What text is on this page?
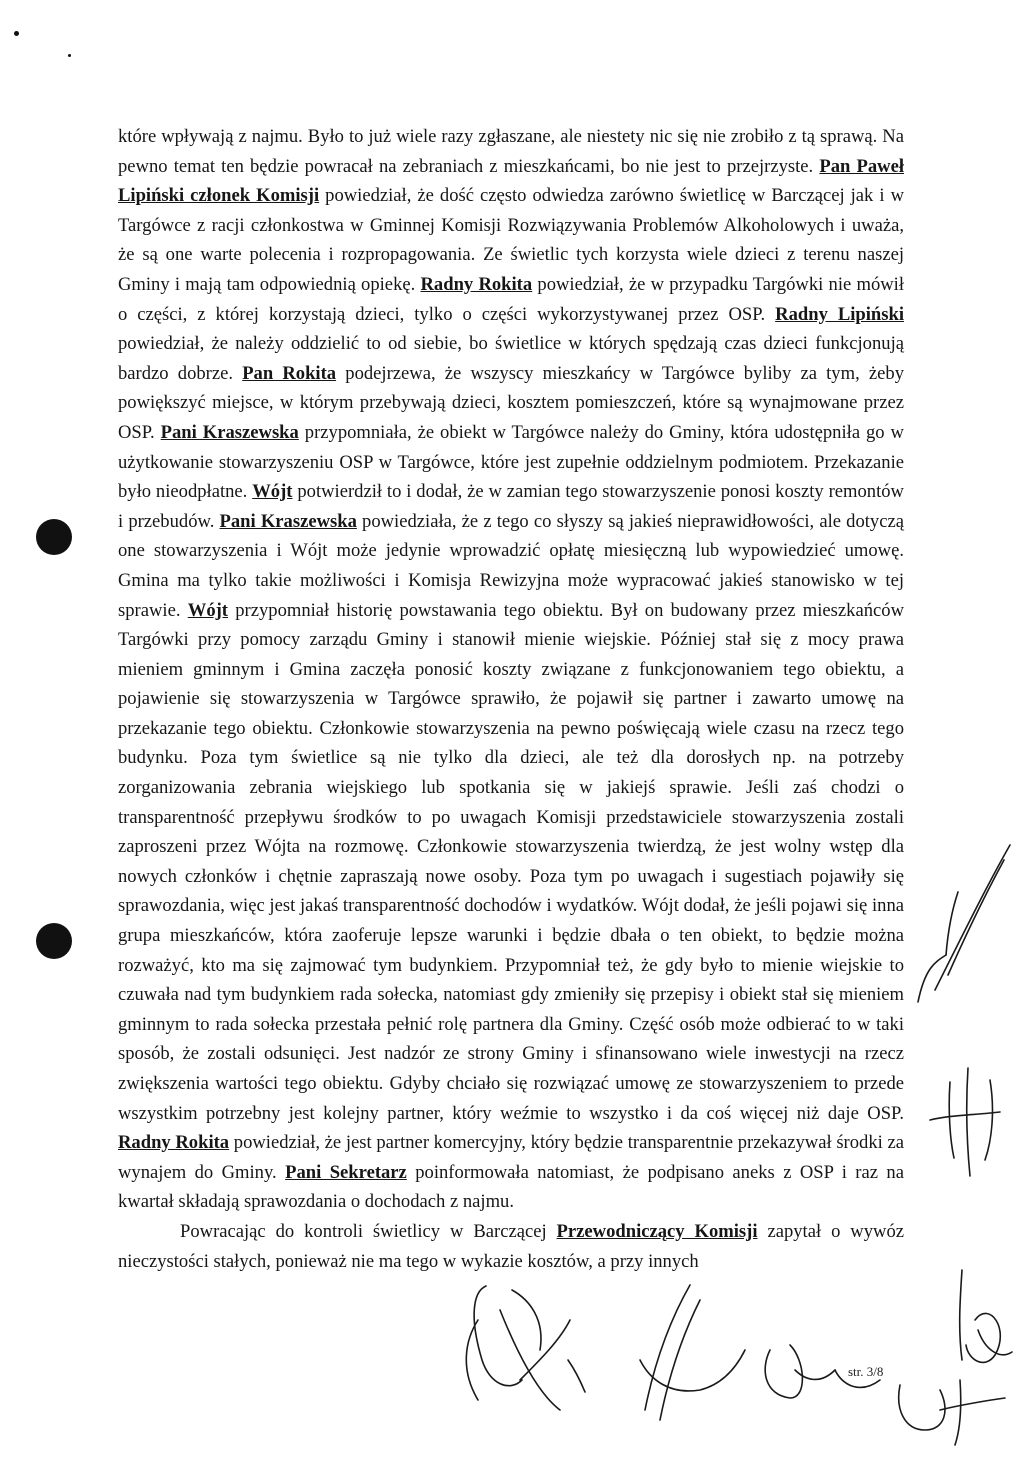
które wpływają z najmu. Było to już wiele razy zgłaszane, ale niestety nic się nie zrobiło z tą sprawą. Na pewno temat ten będzie powracał na zebraniach z mieszkańcami, bo nie jest to przejrzyste. Pan Paweł Lipiński członek Komisji powiedział, że dość często odwiedza zarówno świetlicę w Barczącej jak i w Targówce z racji członkostwa w Gminnej Komisji Rozwiązywania Problemów Alkoholowych i uważa, że są one warte polecenia i rozpropagowania. Ze świetlic tych korzysta wiele dzieci z terenu naszej Gminy i mają tam odpowiednią opiekę. Radny Rokita powiedział, że w przypadku Targówki nie mówił o części, z której korzystają dzieci, tylko o części wykorzystywanej przez OSP. Radny Lipiński powiedział, że należy oddzielić to od siebie, bo świetlice w których spędzają czas dzieci funkcjonują bardzo dobrze. Pan Rokita podejrzewa, że wszyscy mieszkańcy w Targówce byliby za tym, żeby powiększyć miejsce, w którym przebywają dzieci, kosztem pomieszczeń, które są wynajmowane przez OSP. Pani Kraszewska przypomniała, że obiekt w Targówce należy do Gminy, która udostępniła go w użytkowanie stowarzyszeniu OSP w Targówce, które jest zupełnie oddzielnym podmiotem. Przekazanie było nieodpłatne. Wójt potwierdził to i dodał, że w zamian tego stowarzyszenie ponosi koszty remontów i przebudów. Pani Kraszewska powiedziała, że z tego co słyszy są jakieś nieprawidłowości, ale dotyczą one stowarzyszenia i Wójt może jedynie wprowadzić opłatę miesięczną lub wypowiedzieć umowę. Gmina ma tylko takie możliwości i Komisja Rewizyjna może wypracować jakieś stanowisko w tej sprawie. Wójt przypomniał historię powstawania tego obiektu. Był on budowany przez mieszkańców Targówki przy pomocy zarządu Gminy i stanowił mienie wiejskie. Później stał się z mocy prawa mieniem gminnym i Gmina zaczęła ponosić koszty związane z funkcjonowaniem tego obiektu, a pojawienie się stowarzyszenia w Targówce sprawiło, że pojawił się partner i zawarto umowę na przekazanie tego obiektu. Członkowie stowarzyszenia na pewno poświęcają wiele czasu na rzecz tego budynku. Poza tym świetlice są nie tylko dla dzieci, ale też dla dorosłych np. na potrzeby zorganizowania zebrania wiejskiego lub spotkania się w jakiejś sprawie. Jeśli zaś chodzi o transparentność przepływu środków to po uwagach Komisji przedstawiciele stowarzyszenia zostali zaproszeni przez Wójta na rozmowę. Członkowie stowarzyszenia twierdzą, że jest wolny wstęp dla nowych członków i chętnie zapraszają nowe osoby. Poza tym po uwagach i sugestiach pojawiły się sprawozdania, więc jest jakaś transparentność dochodów i wydatków. Wójt dodał, że jeśli pojawi się inna grupa mieszkańców, która zaoferuje lepsze warunki i będzie dbała o ten obiekt, to będzie można rozważyć, kto ma się zajmować tym budynkiem. Przypomniał też, że gdy było to mienie wiejskie to czuwała nad tym budynkiem rada sołecka, natomiast gdy zmieniły się przepisy i obiekt stał się mieniem gminnym to rada sołecka przestała pełnić rolę partnera dla Gminy. Część osób może odbierać to w taki sposób, że zostali odsunięci. Jest nadzór ze strony Gminy i sfinansowano wiele inwestycji na rzecz zwiększenia wartości tego obiektu. Gdyby chciało się rozwiązać umowę ze stowarzyszeniem to przede wszystkim potrzebny jest kolejny partner, który weźmie to wszystko i da coś więcej niż daje OSP. Radny Rokita powiedział, że jest partner komercyjny, który będzie transparentnie przekazywał środki za wynajem do Gminy. Pani Sekretarz poinformowała natomiast, że podpisano aneks z OSP i raz na kwartał składają sprawozdania o dochodach z najmu.

Powracając do kontroli świetlicy w Barczącej Przewodniczący Komisji zapytał o wywóz nieczystości stałych, ponieważ nie ma tego w wykazie kosztów, a przy innych

str. 3/8
